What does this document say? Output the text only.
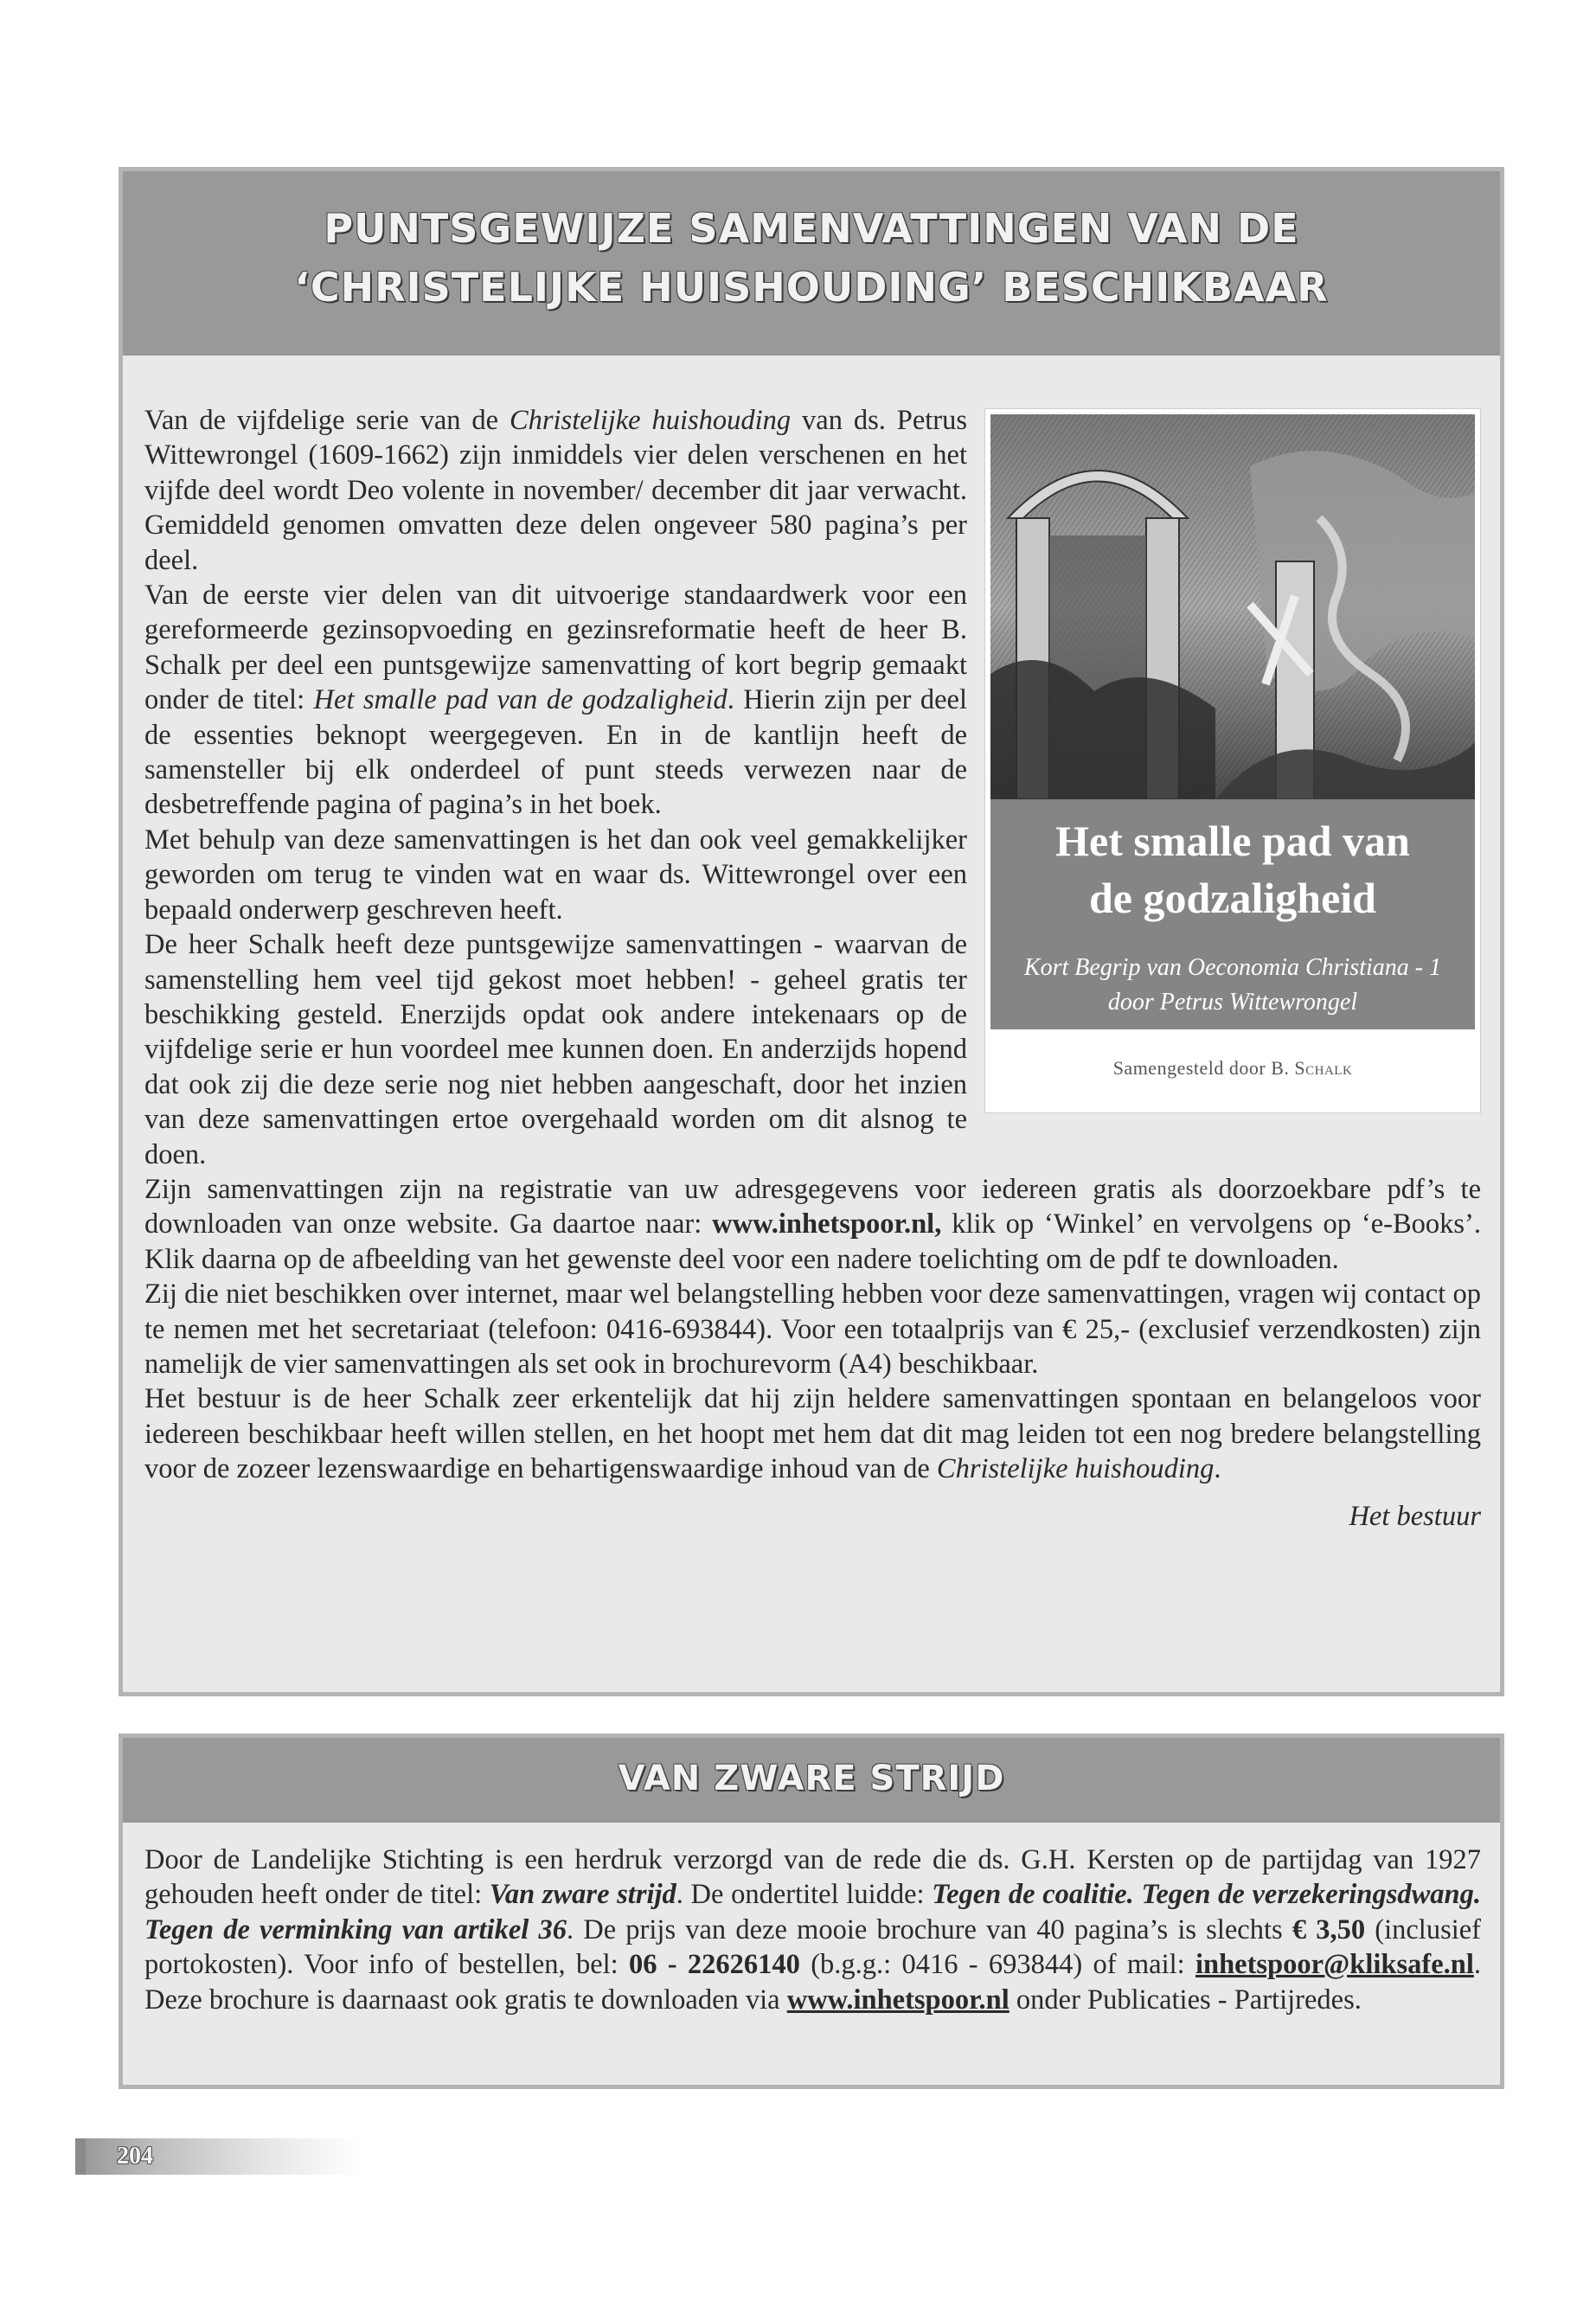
PUNTSGEWIJZE SAMENVATTINGEN VAN DE
‘CHRISTELIJKE HUISHOUDING’ BESCHIKBAAR
Het smalle pad van
de godzaligheid
Kort Begrip van Oeconomia Christiana - 1
door Petrus Wittewrongel
Samengesteld door B. Schalk

Van de vijfdelige serie van de Christelijke huishouding van ds. Petrus Wittewrongel (1609-1662) zijn inmiddels vier delen verschenen en het vijfde deel wordt Deo volente in november/ december dit jaar verwacht. Gemiddeld genomen omvatten deze delen ongeveer 580 pagina’s per deel.

Van de eerste vier delen van dit uitvoerige standaardwerk voor een gereformeerde gezinsopvoeding en gezinsreformatie heeft de heer B. Schalk per deel een puntsgewijze samenvatting of kort begrip gemaakt onder de titel: Het smalle pad van de godzaligheid. Hierin zijn per deel de essenties beknopt weergegeven. En in de kantlijn heeft de samensteller bij elk onderdeel of punt steeds verwezen naar de desbetreffende pagina of pagina’s in het boek.

Met behulp van deze samenvattingen is het dan ook veel gemakkelijker geworden om terug te vinden wat en waar ds. Wittewrongel over een bepaald onderwerp geschreven heeft.

De heer Schalk heeft deze puntsgewijze samenvattingen - waarvan de samenstelling hem veel tijd gekost moet hebben! - geheel gratis ter beschikking gesteld. Enerzijds opdat ook andere intekenaars op de vijfdelige serie er hun voordeel mee kunnen doen. En anderzijds hopend dat ook zij die deze serie nog niet hebben aangeschaft, door het inzien van deze samenvattingen ertoe overgehaald worden om dit alsnog te doen.

Zijn samenvattingen zijn na registratie van uw adresgegevens voor iedereen gratis als doorzoekbare pdf’s te downloaden van onze website. Ga daartoe naar: www.inhetspoor.nl, klik op ‘Winkel’ en vervolgens op ‘e-Books’. Klik daarna op de afbeelding van het gewenste deel voor een nadere toelichting om de pdf te downloaden.

Zij die niet beschikken over internet, maar wel belangstelling hebben voor deze samenvattingen, vragen wij contact op te nemen met het secretariaat (telefoon: 0416-693844). Voor een totaalprijs van € 25,- (exclusief verzendkosten) zijn namelijk de vier samenvattingen als set ook in brochurevorm (A4) beschikbaar.

Het bestuur is de heer Schalk zeer erkentelijk dat hij zijn heldere samenvattingen spontaan en belangeloos voor iedereen beschikbaar heeft willen stellen, en het hoopt met hem dat dit mag leiden tot een nog bredere belangstelling voor de zozeer lezenswaardige en behartigenswaardige inhoud van de Christelijke huishouding.

Het bestuur

VAN ZWARE STRIJD

Door de Landelijke Stichting is een herdruk verzorgd van de rede die ds. G.H. Kersten op de partijdag van 1927 gehouden heeft onder de titel: Van zware strijd. De ondertitel luidde: Tegen de coalitie. Tegen de verzekeringsdwang. Tegen de verminking van artikel 36. De prijs van deze mooie brochure van 40 pagina’s is slechts € 3,50 (inclusief portokosten). Voor info of bestellen, bel: 06 - 22626140 (b.g.g.: 0416 - 693844) of mail: inhetspoor@kliksafe.nl. Deze brochure is daarnaast ook gratis te downloaden via www.inhetspoor.nl onder Publicaties - Partijredes.

204
